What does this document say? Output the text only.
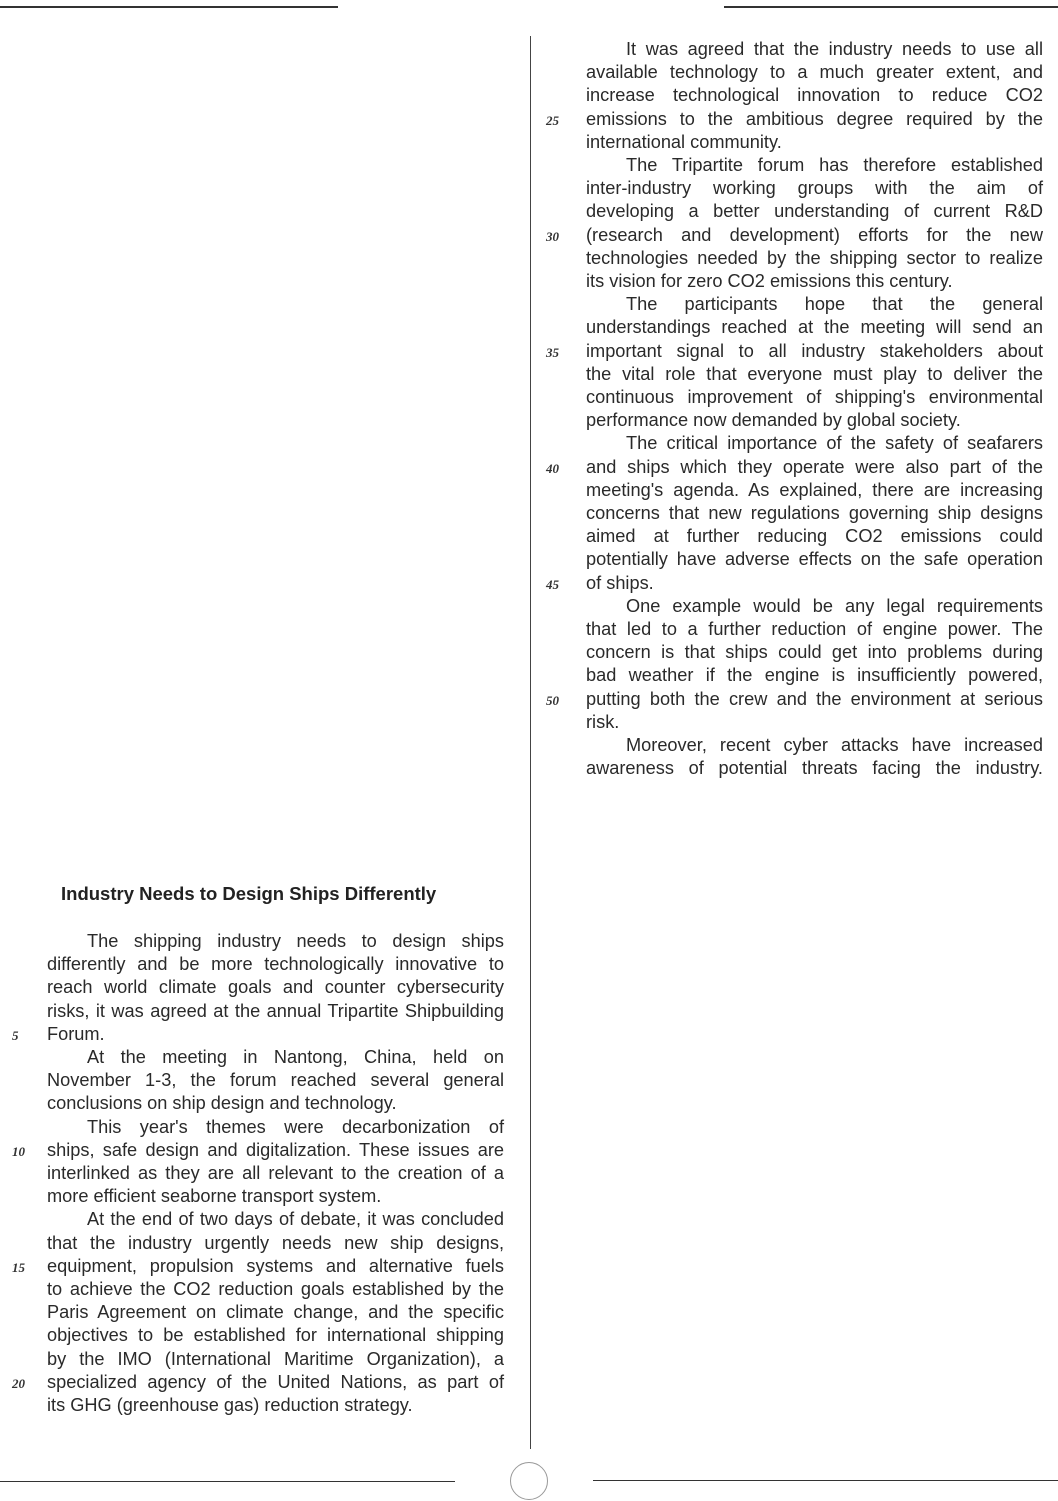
Industry Needs to Design Ships Differently
It was agreed that the industry needs to use all
available technology to a much greater extent, and
increase technological innovation to reduce CO2
emissions to the ambitious degree required by the
international community.
The Tripartite forum has therefore established
inter-industry working groups with the aim of
developing a better understanding of current R&D
(research and development) efforts for the new
technologies needed by the shipping sector to realize
its vision for zero CO2 emissions this century.
The participants hope that the general
understandings reached at the meeting will send an
important signal to all industry stakeholders about
the vital role that everyone must play to deliver the
continuous improvement of shipping's environmental
performance now demanded by global society.
The critical importance of the safety of seafarers
and ships which they operate were also part of the
meeting's agenda. As explained, there are increasing
concerns that new regulations governing ship designs
aimed at further reducing CO2 emissions could
potentially have adverse effects on the safe operation
of ships.
One example would be any legal requirements
that led to a further reduction of engine power. The
concern is that ships could get into problems during
bad weather if the engine is insufficiently powered,
putting both the crew and the environment at serious
risk.
Moreover, recent cyber attacks have increased
awareness of potential threats facing the industry.
25
30
35
40
45
50
The shipping industry needs to design ships
differently and be more technologically innovative to
reach world climate goals and counter cybersecurity
risks, it was agreed at the annual Tripartite Shipbuilding
Forum.
At the meeting in Nantong, China, held on
November 1-3, the forum reached several general
conclusions on ship design and technology.
This year's themes were decarbonization of
ships, safe design and digitalization. These issues are
interlinked as they are all relevant to the creation of a
more efficient seaborne transport system.
At the end of two days of debate, it was concluded
that the industry urgently needs new ship designs,
equipment, propulsion systems and alternative fuels
to achieve the CO2 reduction goals established by the
Paris Agreement on climate change, and the specific
objectives to be established for international shipping
by the IMO (International Maritime Organization), a
specialized agency of the United Nations, as part of
its GHG (greenhouse gas) reduction strategy.
5
10
15
20
